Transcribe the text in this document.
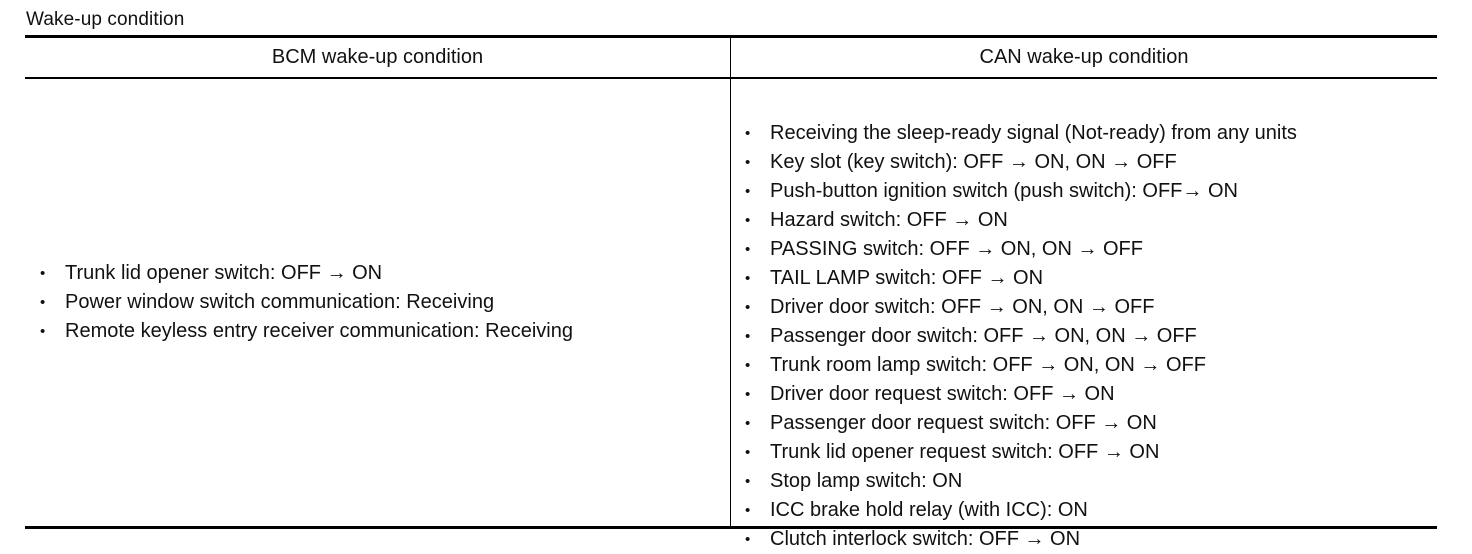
Wake-up condition
BCM wake-up condition	CAN wake-up condition
• Trunk lid opener switch: OFF → ON
• Power window switch communication: Receiving
• Remote keyless entry receiver communication: Receiving
• Receiving the sleep-ready signal (Not-ready) from any units
• Key slot (key switch): OFF → ON, ON → OFF
• Push-button ignition switch (push switch): OFF→ ON
• Hazard switch: OFF → ON
• PASSING switch: OFF → ON, ON → OFF
• TAIL LAMP switch: OFF → ON
• Driver door switch: OFF → ON, ON → OFF
• Passenger door switch: OFF → ON, ON → OFF
• Trunk room lamp switch: OFF → ON, ON → OFF
• Driver door request switch: OFF → ON
• Passenger door request switch: OFF → ON
• Trunk lid opener request switch: OFF → ON
• Stop lamp switch: ON
• ICC brake hold relay (with ICC): ON
• Clutch interlock switch: OFF → ON
